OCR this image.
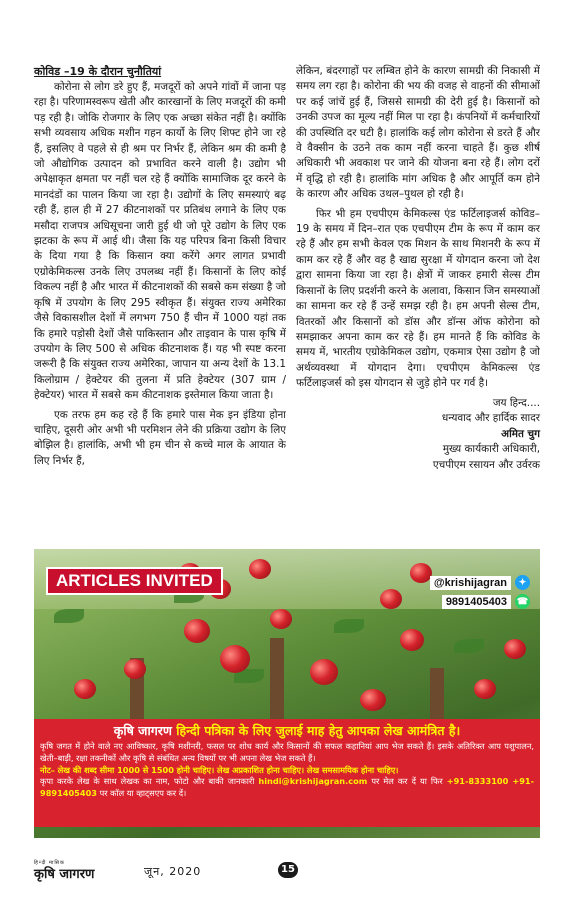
कोविड –19 के दौरान चुनौतियां

कोरोना से लोग डरे हुए हैं, मजदूरों को अपने गांवों में जाना पड़ रहा है। परिणामस्वरूप खेती और कारखानों के लिए मजदूरों की कमी पड़ रही है। जोकि रोजगार के लिए एक अच्छा संकेत नहीं है। क्योंकि सभी व्यवसाय अधिक मशीन गहन कार्यो के लिए शिफ्ट होने जा रहे हैं, इसलिए वे पहले से ही श्रम पर निर्भर हैं, लेकिन श्रम की कमी है जो औद्योगिक उत्पादन को प्रभावित करने वाली है। उद्योग भी अपेक्षाकृत क्षमता पर नहीं चल रहे हैं क्योंकि सामाजिक दूर करने के मानदंडों का पालन किया जा रहा है। उद्योगों के लिए समस्याएं बढ़ रही हैं, हाल ही में 27 कीटनाशकों पर प्रतिबंध लगाने के लिए एक मसौदा राजपत्र अधिसूचना जारी हुई थी जो पूरे उद्योग के लिए एक झटका के रूप में आई थी। जैसा कि यह परिपत्र बिना किसी विचार के दिया गया है कि किसान क्या करेंगे अगर लागत प्रभावी एग्रोकेमिकल्स उनके लिए उपलब्ध नहीं हैं। किसानों के लिए कोई विकल्प नहीं है और भारत में कीटनाशकों की सबसे कम संख्या है जो कृषि में उपयोग के लिए 295 स्वीकृत हैं। संयुक्त राज्य अमेरिका जैसे विकासशील देशों में लगभग 750 हैं चीन में 1000 यहां तक कि हमारे पड़ोसी देशों जैसे पाकिस्तान और ताइवान के पास कृषि में उपयोग के लिए 500 से अधिक कीटनाशक हैं। यह भी स्पष्ट करना जरूरी है कि संयुक्त राज्य अमेरिका, जापान या अन्य देशों के 13.1 किलोग्राम / हेक्टेयर की तुलना में प्रति हेक्टेयर (307 ग्राम / हेक्टेयर) भारत में सबसे कम कीटनाशक इस्तेमाल किया जाता है।

एक तरफ हम कह रहे हैं कि हमारे पास मेक इन इंडिया होना चाहिए, दूसरी ओर अभी भी परमिशन लेने की प्रक्रिया उद्योग के लिए बोझिल है। हालांकि, अभी भी हम चीन से कच्चे माल के आयात के लिए निर्भर हैं,

लेकिन, बंदरगाहों पर लम्बित होने के कारण सामग्री की निकासी में समय लग रहा है। कोरोना की भय की वजह से वाहनों की सीमाओं पर कई जांचें हुई हैं, जिससे सामग्री की देरी हुई है। किसानों को उनकी उपज का मूल्य नहीं मिल पा रहा है। कंपनियों में कर्मचारियों की उपस्थिति दर घटी है। हालांकि कई लोग कोरोना से डरते हैं और वे वैक्सीन के उठने तक काम नहीं करना चाहते हैं। कुछ शीर्ष अधिकारी भी अवकाश पर जाने की योजना बना रहे हैं। लोग दरों में वृद्धि हो रही है। हालांकि मांग अधिक है और आपूर्ति कम होने के कारण और अधिक उथल–पुथल हो रही है।

फिर भी हम एचपीएम केमिकल्स एंड फर्टिलाइजर्स कोविड–19 के समय में दिन–रात एक एचपीएम टीम के रूप में काम कर रहे हैं और हम सभी केवल एक मिशन के साथ मिशनरी के रूप में काम कर रहे हैं और वह है खाद्य सुरक्षा में योगदान करना जो देश द्वारा सामना किया जा रहा है। क्षेत्रों में जाकर हमारी सेल्स टीम किसानों के लिए प्रदर्शनी करने के अलावा, किसान जिन समस्याओं का सामना कर रहे हैं उन्हें समझ रही है। हम अपनी सेल्स टीम, वितरकों और किसानों को डॉस और डॉन्स ऑफ कोरोना को समझाकर अपना काम कर रहे हैं। हम मानते हैं कि कोविड के समय में, भारतीय एग्रोकेमिकल उद्योग, एकमात्र ऐसा उद्योग है जो अर्थव्यवस्था में योगदान देगा। एचपीएम केमिकल्स एंड फर्टिलाइजर्स को इस योगदान से जुड़े होने पर गर्व है।

जय हिन्द....
धन्यवाद और हार्दिक सादर
अमित चुग
मुख्य कार्यकारी अधिकारी,
एचपीएम रसायन और उर्वरक
ARTICLES INVITED	@krishijagran	✦
9891405403	☎
कृषि जागरण हिन्दी पत्रिका के लिए जुलाई माह हेतु आपका लेख आमंत्रित है।
कृषि जगत में होने वाले नए आविष्कार, कृषि मशीनरी, फसल पर शोध कार्य और किसानों की सफल कहानियां आप भेज सकते हैं। इसके अतिरिक्त आप पशुपालन, खेती–बाड़ी, रक्षा तकनीकों और कृषि से संबंधित अन्य विषयों पर भी अपना लेख भेज सकते हैं।
नोट– लेख की शब्द सीमा 1000 से 1500 होनी चाहिए। लेख अप्रकाशित होना चाहिए। लेख समसामयिक होना चाहिए।
कृपा करके लेख के साथ लेखक का नाम, फोटो और बाकी जानकारी hindi@krishijagran.com पर मेल कर दें या फिर +91-8333100 +91-9891405403 पर कॉल या व्हाट्सएप कर दें।
हिन्दी मासिक
कृषि जागरण	जून, 2020	15
